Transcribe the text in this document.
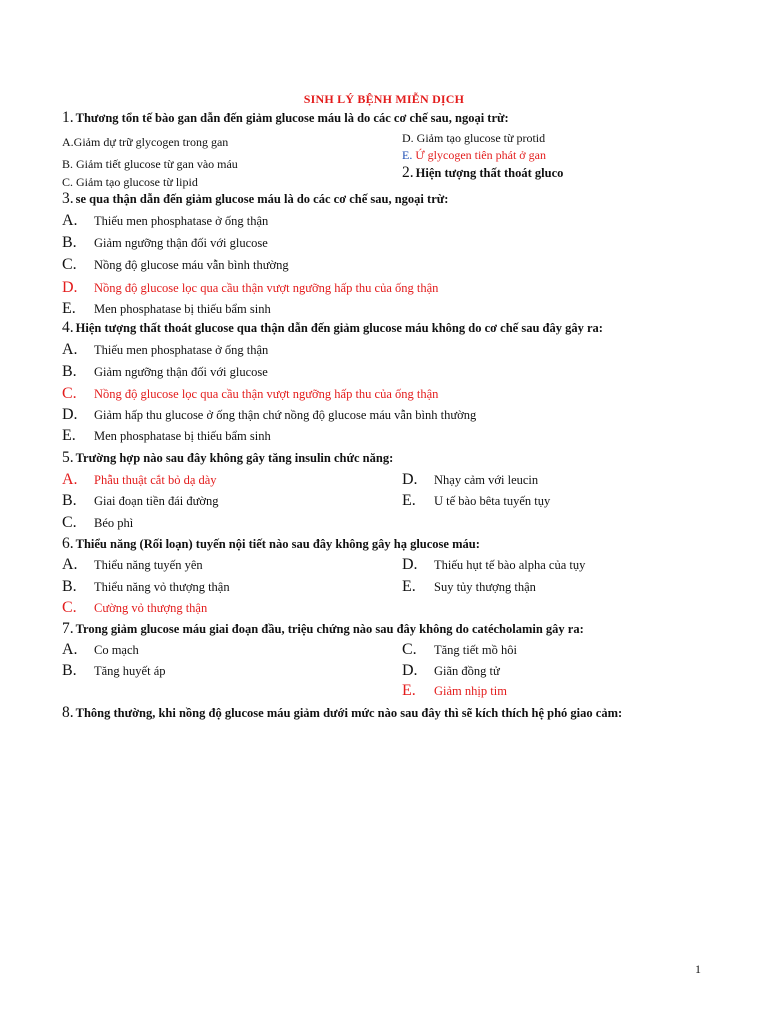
SINH LÝ BỆNH MIỄN DỊCH
1. Thương tổn tế bào gan dẫn đến giảm glucose máu là do các cơ chế sau, ngoại trừ:
A.Giảm dự trữ glycogen trong gan	D. Giảm tạo glucose từ protid
E. Ứ glycogen tiên phát ở gan
B. Giảm tiết glucose từ gan vào máu	2. Hiện tượng thất thoát gluco
C. Giảm tạo glucose từ lipid
3. se qua thận dẫn đến giảm glucose máu là do các cơ chế sau, ngoại trừ:
A. Thiếu men phosphatase ở ống thận
B. Giảm ngưỡng thận đối với glucose
C. Nồng độ glucose máu vẫn bình thường
D. Nồng độ glucose lọc qua cầu thận vượt ngưỡng hấp thu của ống thận
E. Men phosphatase bị thiếu bẩm sinh
4. Hiện tượng thất thoát glucose qua thận dẫn đến giảm glucose máu không do cơ chế sau đây gây ra:
A. Thiếu men phosphatase ở ống thận
B. Giảm ngưỡng thận đối với glucose
C. Nồng độ glucose lọc qua cầu thận vượt ngưỡng hấp thu của ống thận
D. Giảm hấp thu glucose ở ống thận chứ nồng độ glucose máu vẫn bình thường
E. Men phosphatase bị thiếu bẩm sinh
5. Trường hợp nào sau đây không gây tăng insulin chức năng:
A. Phẫu thuật cắt bỏ dạ dày
B. Giai đoạn tiền đái đường
C. Béo phì
D. Nhạy cảm với leucin
E. U tế bào bêta tuyến tụy
6. Thiểu năng (Rối loạn) tuyến nội tiết nào sau đây không gây hạ glucose máu:
A. Thiểu năng tuyến yên
B. Thiểu năng vỏ thượng thận
C. Cường vỏ thượng thận
D. Thiếu hụt tế bào alpha của tụy
E. Suy tủy thượng thận
7. Trong giảm glucose máu giai đoạn đầu, triệu chứng nào sau đây không do catécholamin gây ra:
A. Co mạch
B. Tăng huyết áp
C. Tăng tiết mồ hôi
D. Giãn đồng tử
E. Giảm nhịp tim
8. Thông thường, khi nồng độ glucose máu giảm dưới mức nào sau đây thì sẽ kích thích hệ phó giao cảm:
1
